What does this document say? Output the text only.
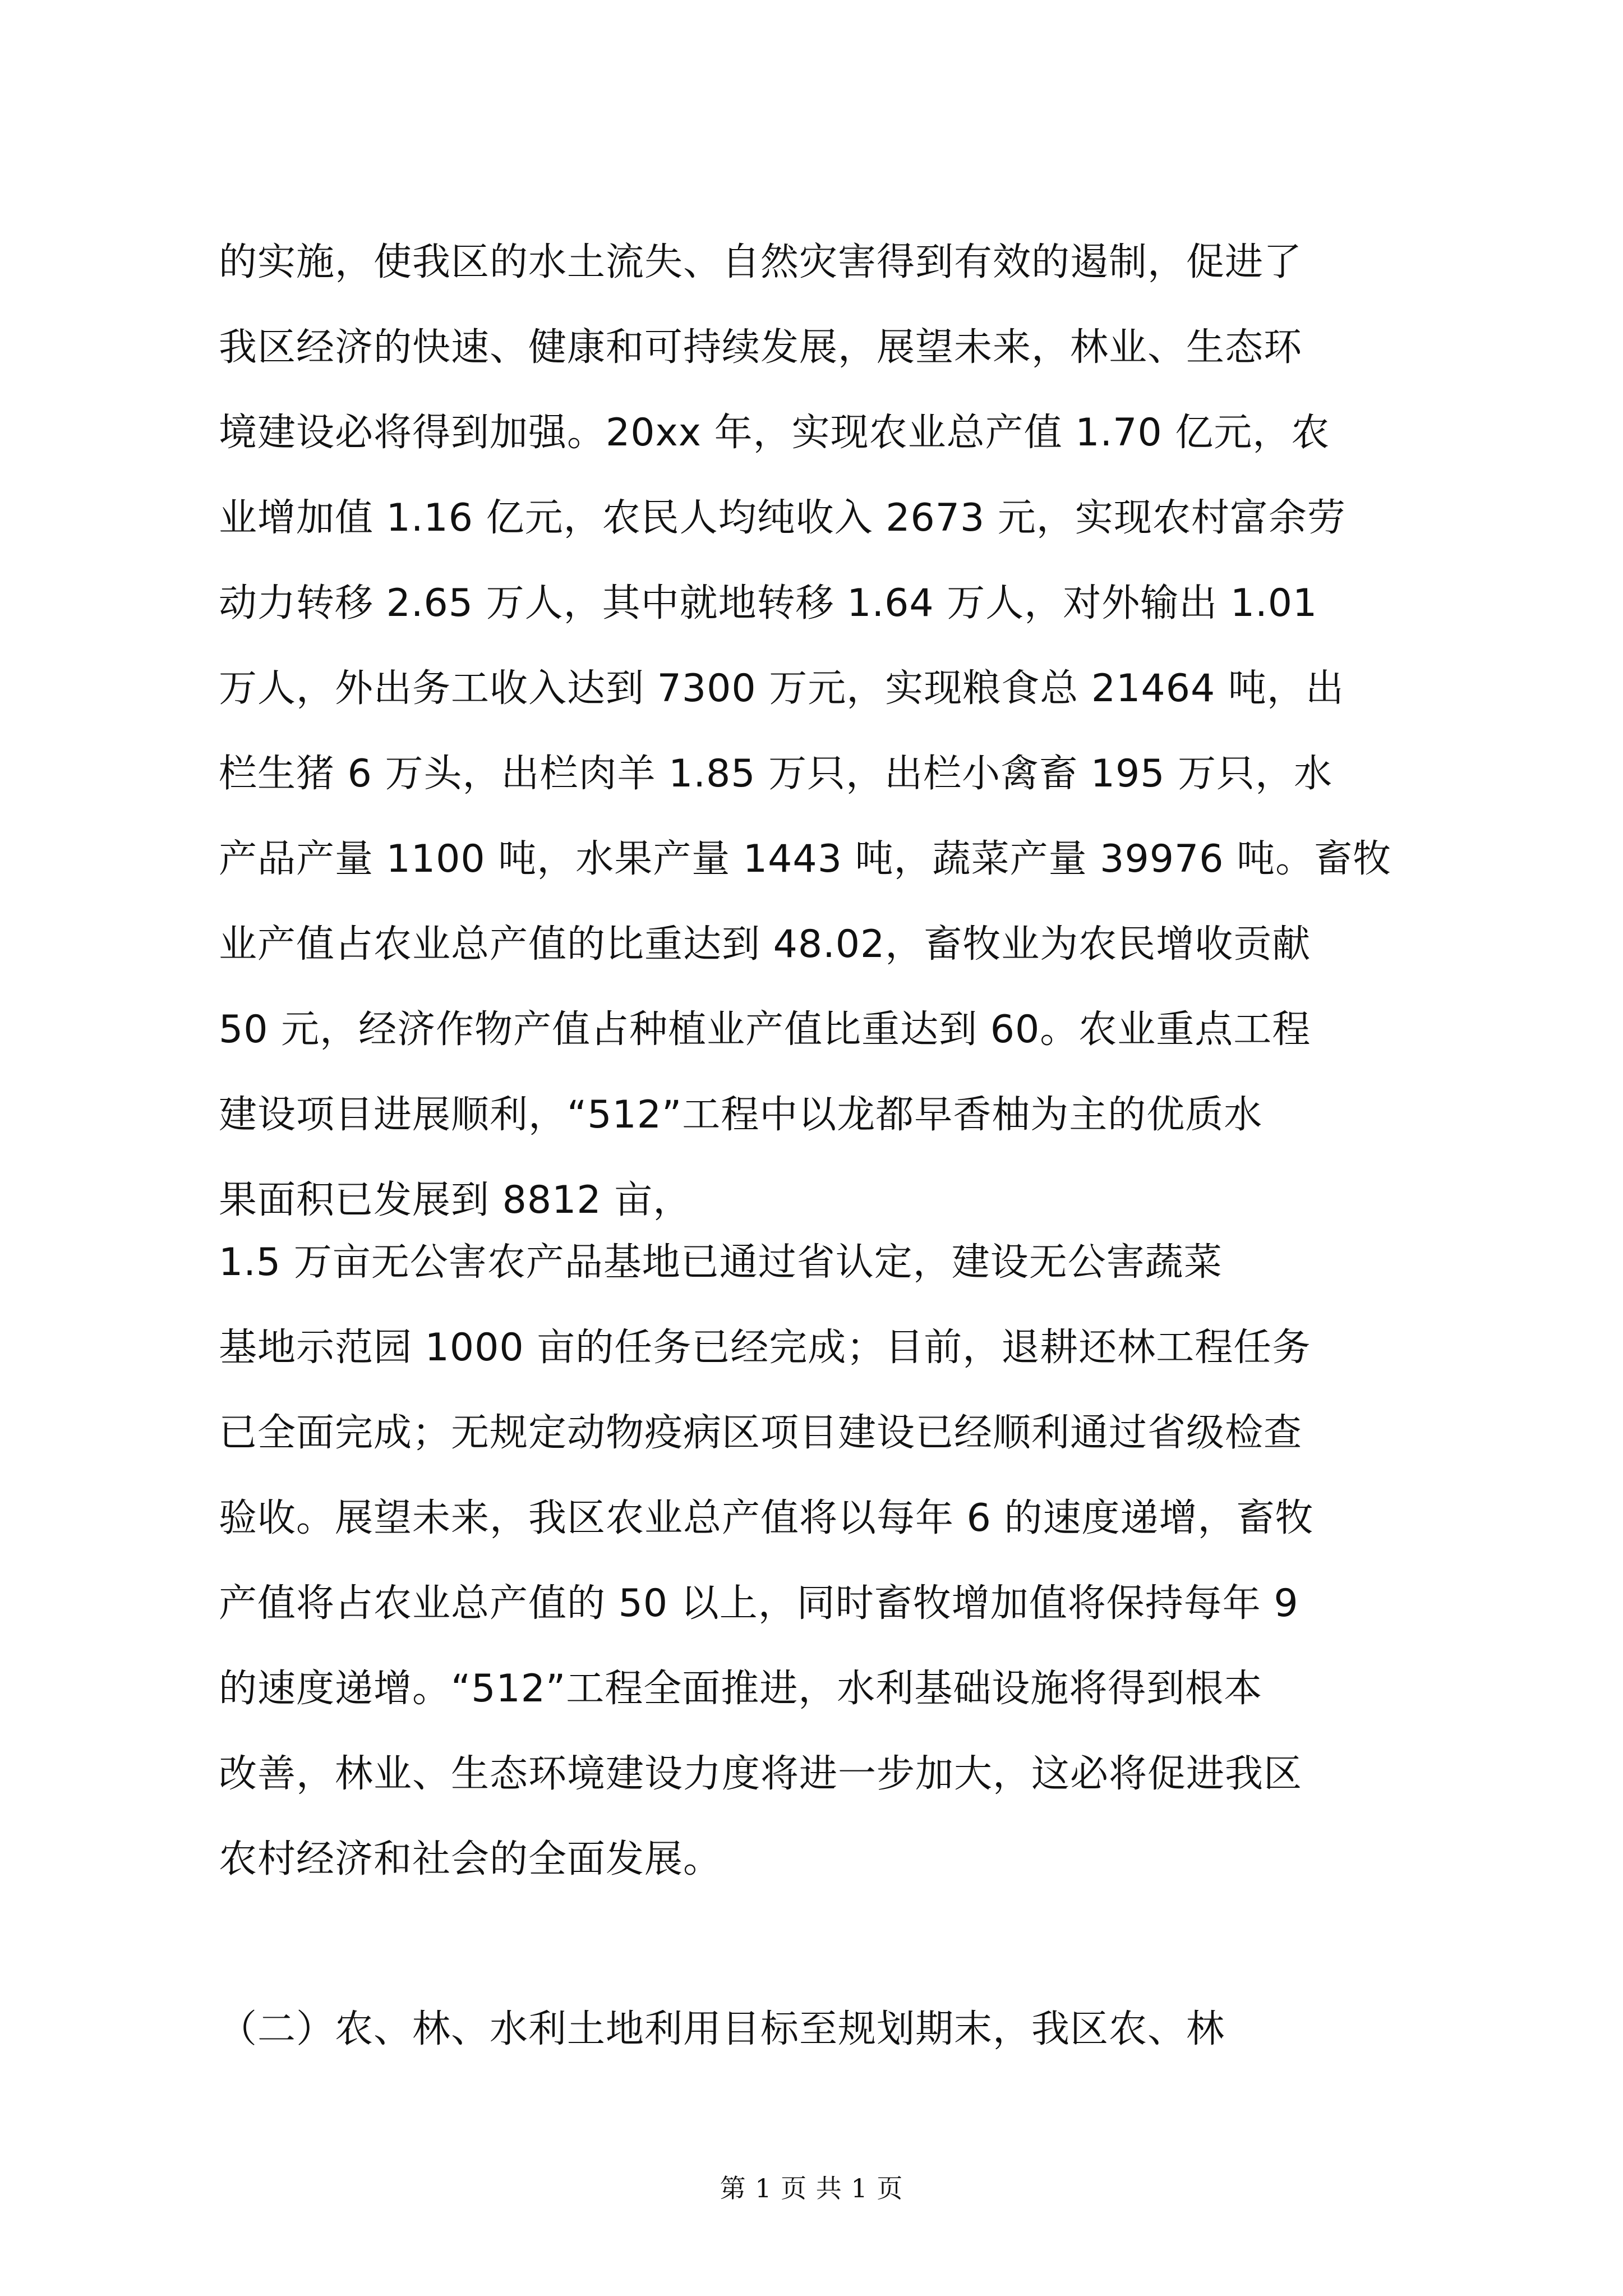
的实施，使我区的水土流失、自然灾害得到有效的遏制，促进了
我区经济的快速、健康和可持续发展，展望未来，林业、生态环
境建设必将得到加强。20xx 年，实现农业总产值 1.70 亿元，农
业增加值 1.16 亿元，农民人均纯收入 2673 元，实现农村富余劳
动力转移 2.65 万人，其中就地转移 1.64 万人，对外输出 1.01
万人，外出务工收入达到 7300 万元，实现粮食总 21464 吨，出
栏生猪 6 万头，出栏肉羊 1.85 万只，出栏小禽畜 195 万只，水
产品产量 1100 吨，水果产量 1443 吨，蔬菜产量 39976 吨。畜牧
业产值占农业总产值的比重达到 48.02，畜牧业为农民增收贡献
50 元，经济作物产值占种植业产值比重达到 60。农业重点工程
建设项目进展顺利，“512”工程中以龙都早香柚为主的优质水
果面积已发展到 8812 亩，
1.5 万亩无公害农产品基地已通过省认定，建设无公害蔬菜
基地示范园 1000 亩的任务已经完成；目前，退耕还林工程任务
已全面完成；无规定动物疫病区项目建设已经顺利通过省级检查
验收。展望未来，我区农业总产值将以每年 6 的速度递增，畜牧
产值将占农业总产值的 50 以上，同时畜牧增加值将保持每年 9
的速度递增。“512”工程全面推进，水利基础设施将得到根本
改善，林业、生态环境建设力度将进一步加大，这必将促进我区
农村经济和社会的全面发展。
（二）农、林、水利土地利用目标至规划期末，我区农、林
第 1 页 共 1 页
